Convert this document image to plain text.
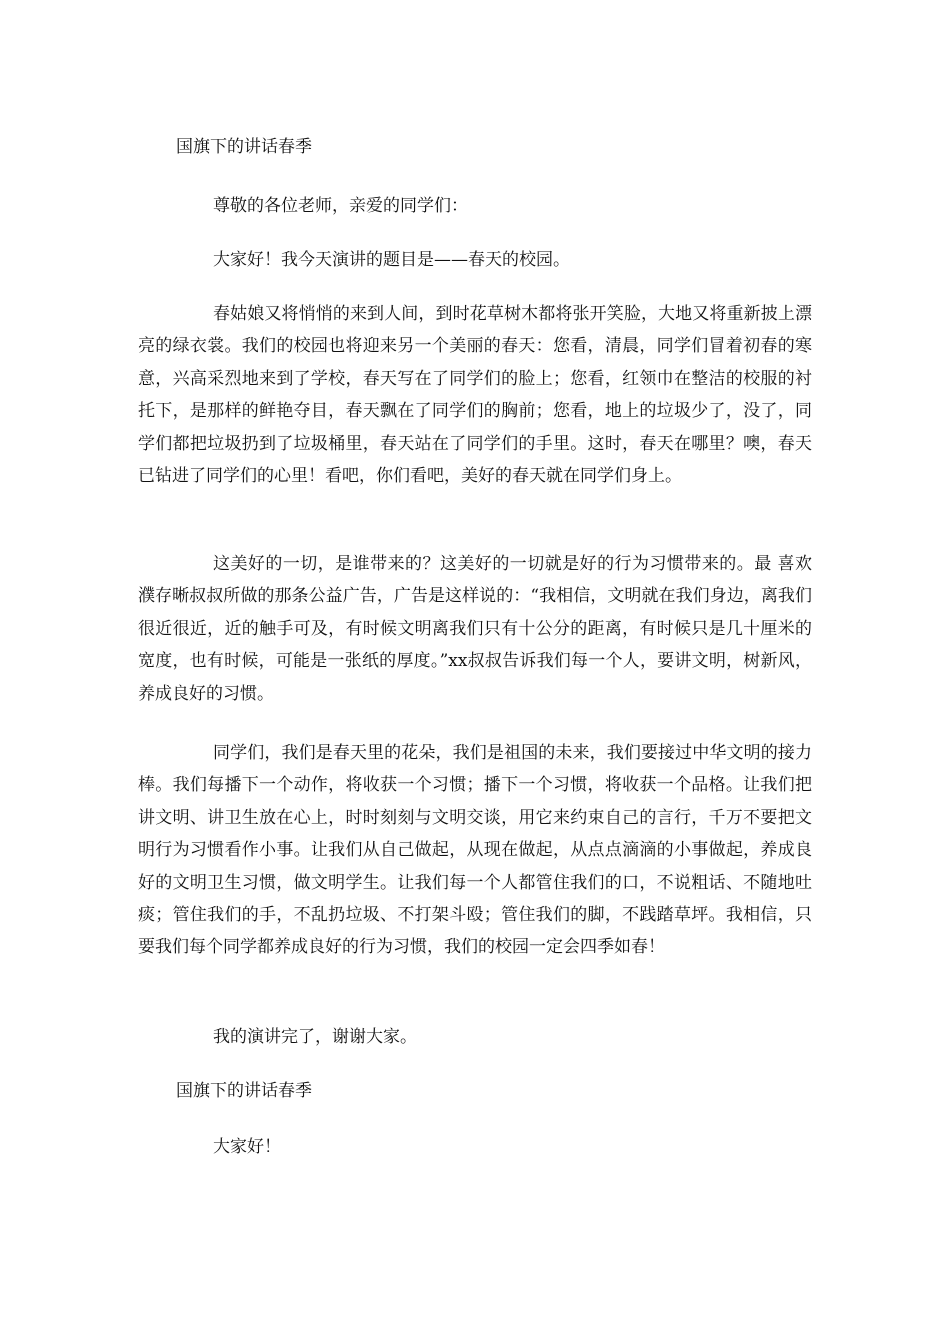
国旗下的讲话春季

尊敬的各位老师，亲爱的同学们：

大家好！我今天演讲的题目是——春天的校园。

春姑娘又将悄悄的来到人间，到时花草树木都将张开笑脸，大地又将重新披上漂亮的绿衣裳。我们的校园也将迎来另一个美丽的春天：您看，清晨，同学们冒着初春的寒意，兴高采烈地来到了学校，春天写在了同学们的脸上；您看，红领巾在整洁的校服的衬托下，是那样的鲜艳夺目，春天飘在了同学们的胸前；您看，地上的垃圾少了，没了，同学们都把垃圾扔到了垃圾桶里，春天站在了同学们的手里。这时，春天在哪里？噢，春天已钻进了同学们的心里！看吧，你们看吧，美好的春天就在同学们身上。

这美好的一切，是谁带来的？这美好的一切就是好的行为习惯带来的。最 喜欢濮存晰叔叔所做的那条公益广告，广告是这样说的：“我相信，文明就在我们身边，离我们很近很近，近的触手可及，有时候文明离我们只有十公分的距离，有时候只是几十厘米的宽度，也有时候，可能是一张纸的厚度。”xx叔叔告诉我们每一个人，要讲文明，树新风，养成良好的习惯。

同学们，我们是春天里的花朵，我们是祖国的未来，我们要接过中华文明的接力棒。我们每播下一个动作，将收获一个习惯；播下一个习惯，将收获一个品格。让我们把讲文明、讲卫生放在心上，时时刻刻与文明交谈，用它来约束自己的言行，千万不要把文明行为习惯看作小事。让我们从自己做起，从现在做起，从点点滴滴的小事做起，养成良好的文明卫生习惯，做文明学生。让我们每一个人都管住我们的口，不说粗话、不随地吐痰；管住我们的手，不乱扔垃圾、不打架斗殴；管住我们的脚，不践踏草坪。我相信，只要我们每个同学都养成良好的行为习惯，我们的校园一定会四季如春！

我的演讲完了，谢谢大家。

国旗下的讲话春季

大家好！
